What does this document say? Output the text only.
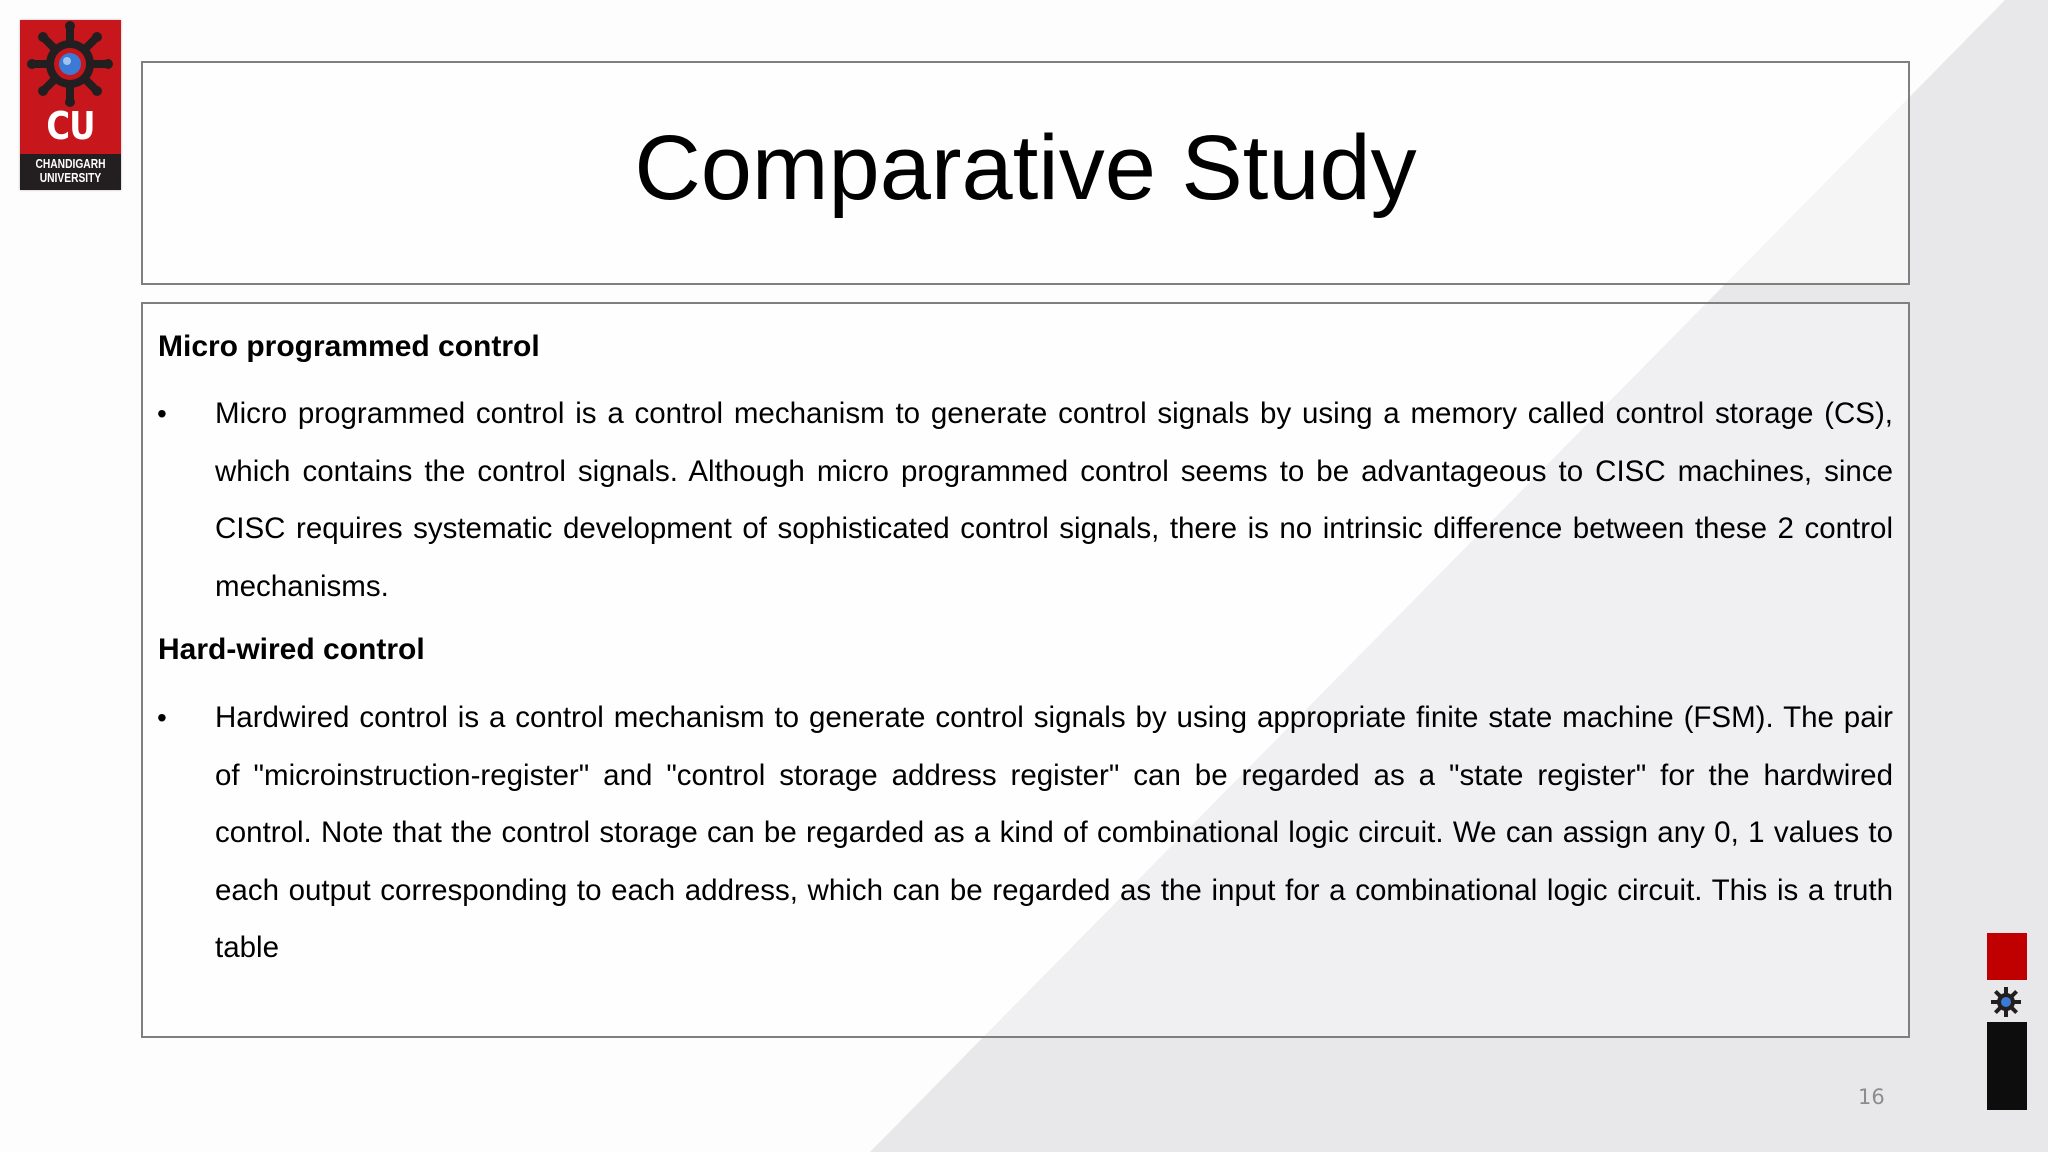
CU
CHANDIGARH
UNIVERSITY	Comparative Study
Micro programmed control
• Micro programmed control is a control mechanism to generate control signals by using a memory called control storage (CS), which contains the control signals. Although micro programmed control seems to be advantageous to CISC machines, since CISC requires systematic development of sophisticated control signals, there is no intrinsic difference between these 2 control mechanisms.

Hard-wired control
• Hardwired control is a control mechanism to generate control signals by using appropriate finite state machine (FSM). The pair of "microinstruction-register" and "control storage address register" can be regarded as a "state register" for the hardwired control. Note that the control storage can be regarded as a kind of combinational logic circuit. We can assign any 0, 1 values to each output corresponding to each address, which can be regarded as the input for a combinational logic circuit. This is a truth table

16
